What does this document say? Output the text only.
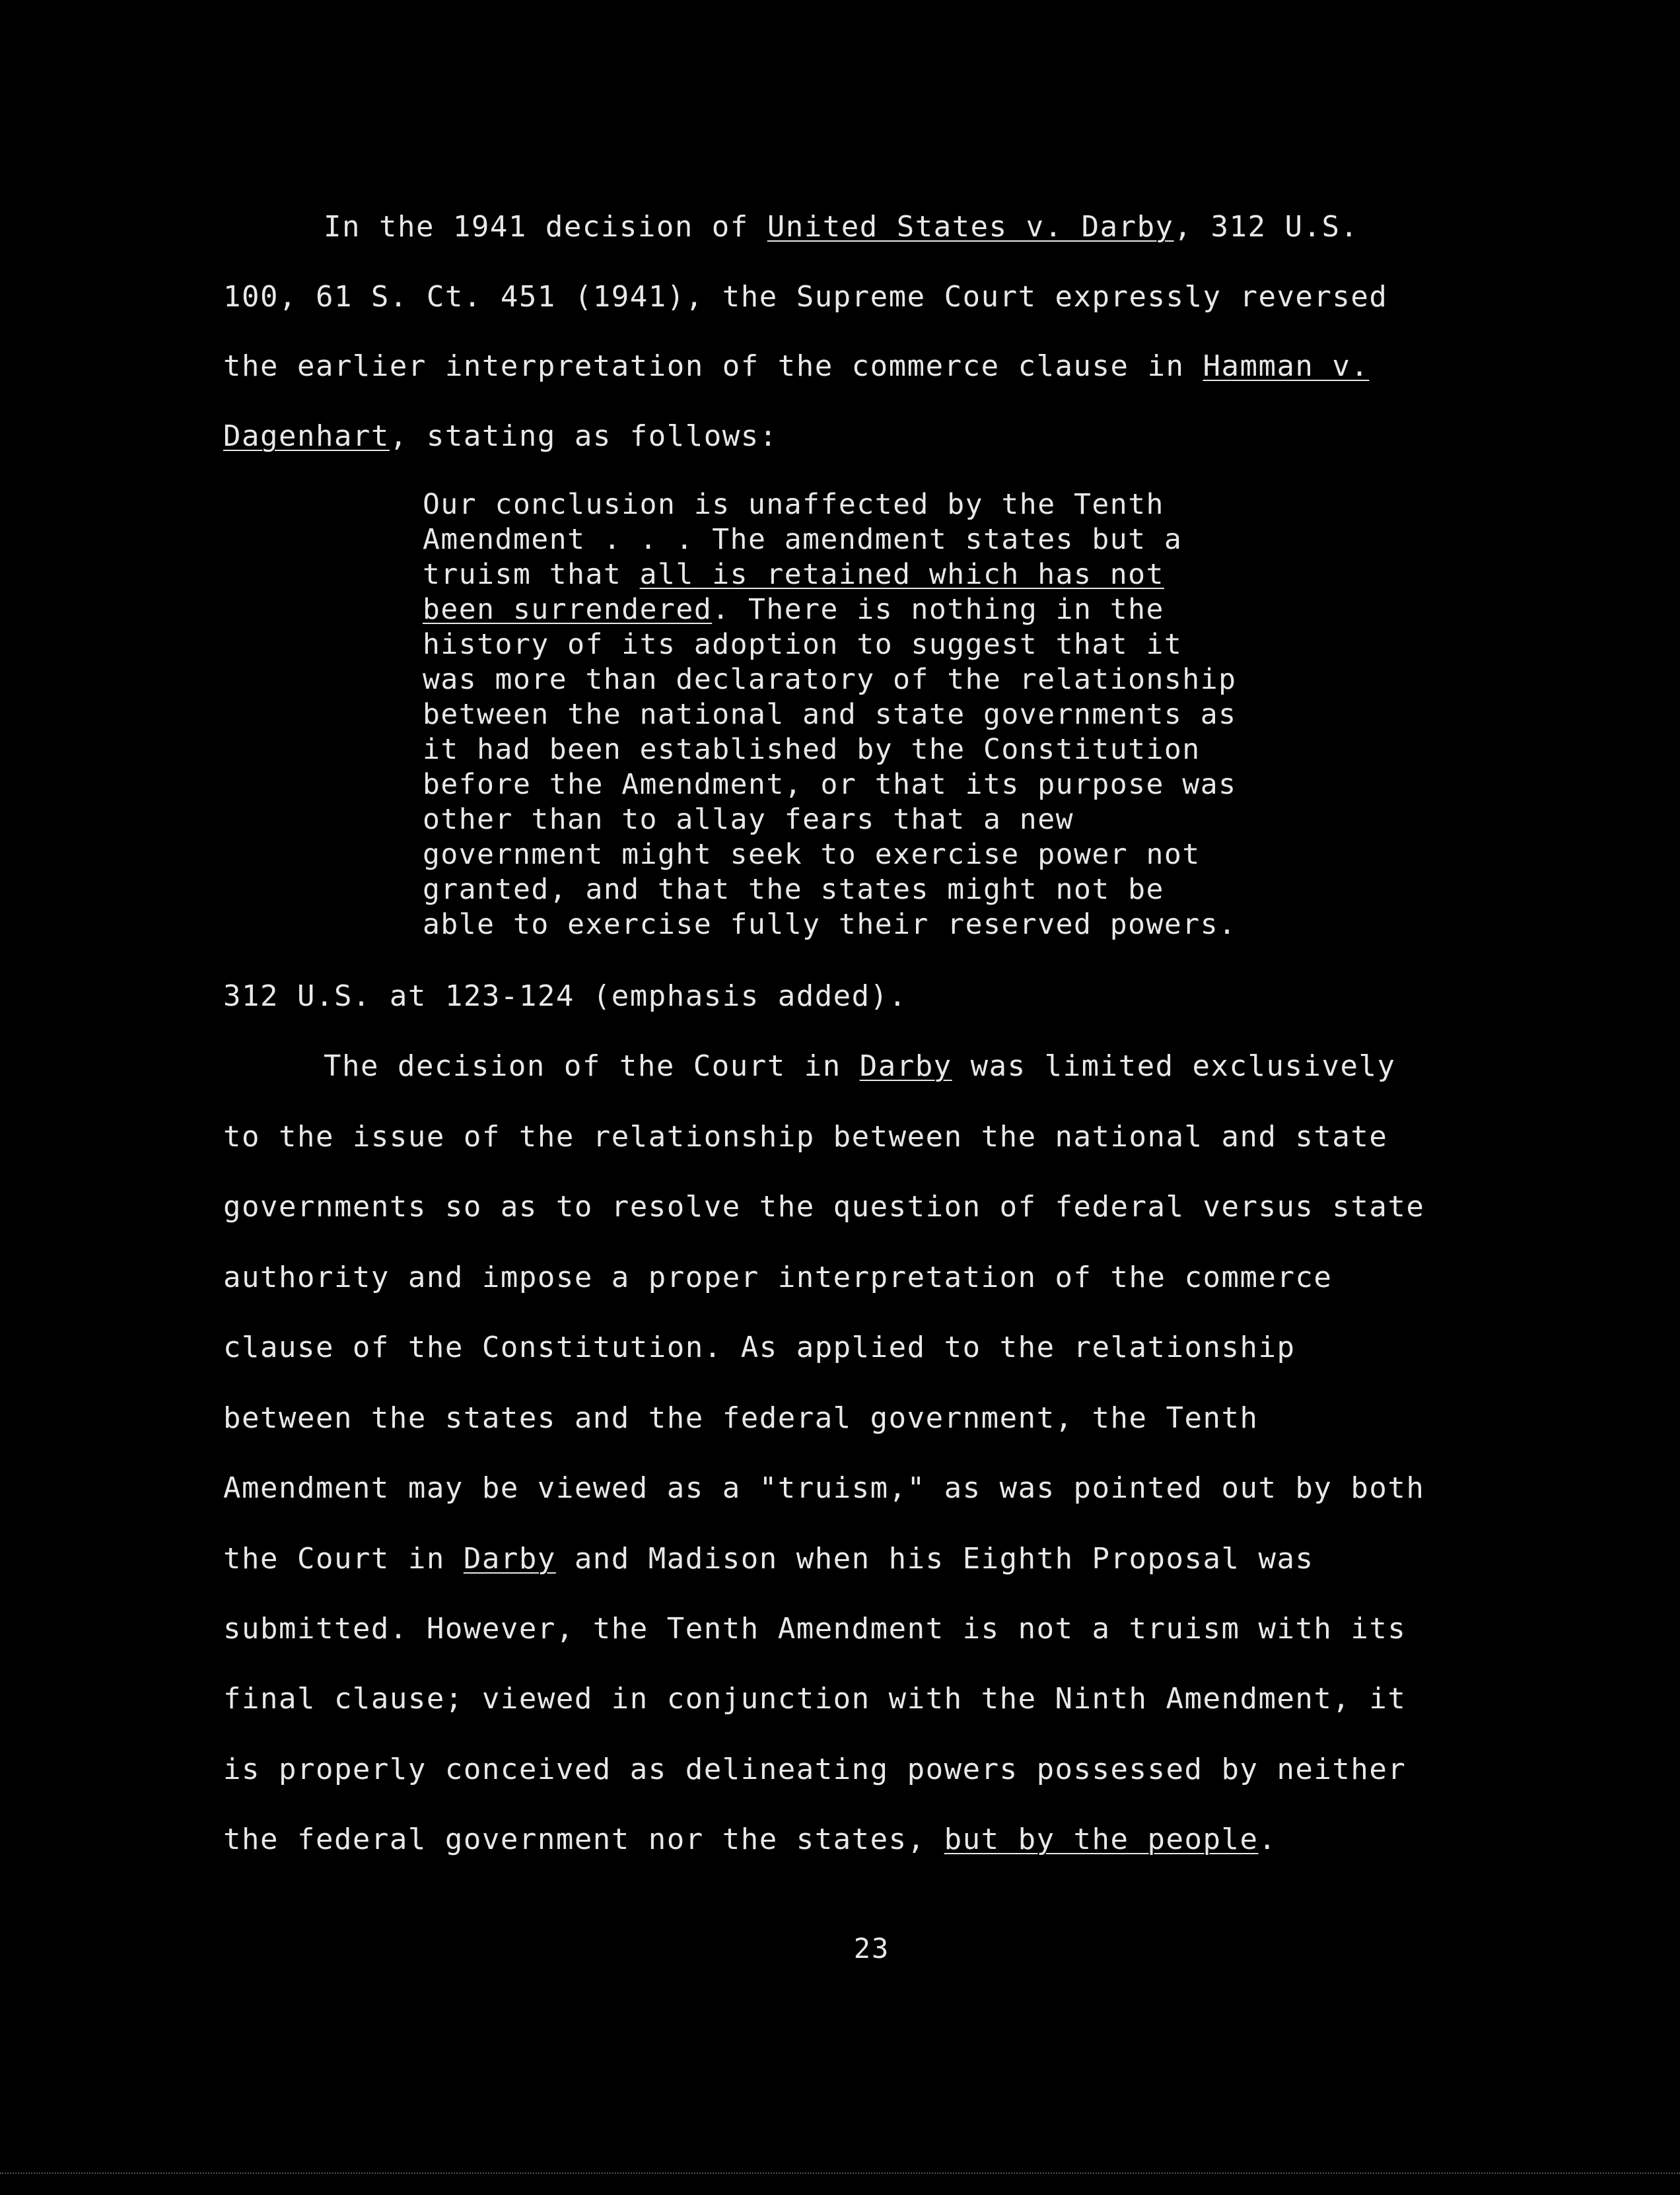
In the 1941 decision of United States v. Darby, 312 U.S.
100, 61 S. Ct. 451 (1941), the Supreme Court expressly reversed
the earlier interpretation of the commerce clause in Hamman v.
Dagenhart, stating as follows:
Our conclusion is unaffected by the Tenth
Amendment . . . The amendment states but a
truism that all is retained which has not
been surrendered. There is nothing in the
history of its adoption to suggest that it
was more than declaratory of the relationship
between the national and state governments as
it had been established by the Constitution
before the Amendment, or that its purpose was
other than to allay fears that a new
government might seek to exercise power not
granted, and that the states might not be
able to exercise fully their reserved powers.
312 U.S. at 123-124 (emphasis added).
The decision of the Court in Darby was limited exclusively
to the issue of the relationship between the national and state
governments so as to resolve the question of federal versus state
authority and impose a proper interpretation of the commerce
clause of the Constitution. As applied to the relationship
between the states and the federal government, the Tenth
Amendment may be viewed as a "truism," as was pointed out by both
the Court in Darby and Madison when his Eighth Proposal was
submitted. However, the Tenth Amendment is not a truism with its
final clause; viewed in conjunction with the Ninth Amendment, it
is properly conceived as delineating powers possessed by neither
the federal government nor the states, but by the people.
23
